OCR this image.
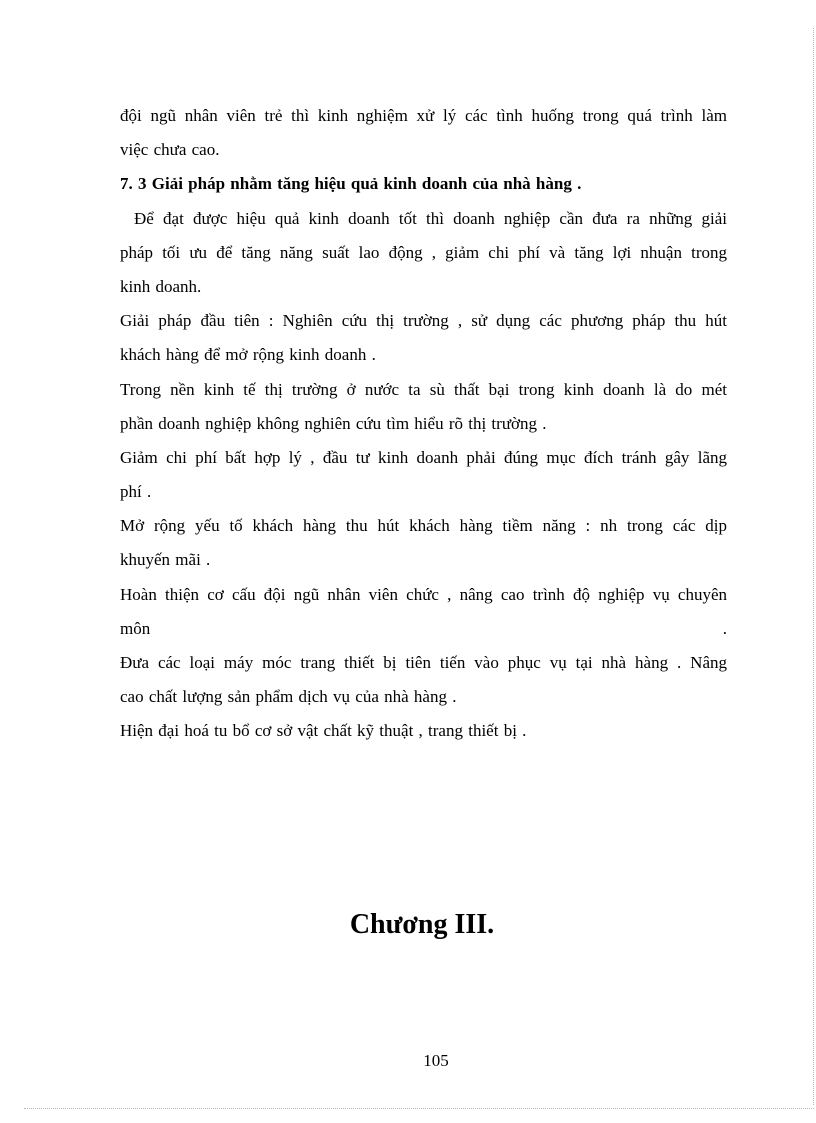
đội ngũ nhân viên trẻ thì kinh nghiệm xử lý các tình huống trong quá trình làm
việc chưa cao.
7. 3 Giải pháp nhằm tăng hiệu quả kinh doanh của nhà hàng .
Để đạt được hiệu quả kinh doanh tốt thì doanh nghiệp cần đưa ra những giải
pháp tối ưu để tăng năng suất lao động , giảm chi phí và tăng lợi nhuận trong
kinh doanh.
Giải pháp đầu tiên : Nghiên cứu thị trường , sử dụng các phương pháp thu hút
khách hàng để mở rộng kinh doanh .
Trong nền kinh tế thị trường ở nước ta sù thất bại trong kinh doanh là do mét
phần doanh nghiệp không nghiên cứu tìm hiểu rõ thị trường .
Giảm chi phí bất hợp lý , đầu tư kinh doanh phải đúng mục đích tránh gây lãng
phí .
Mở rộng yếu tố khách hàng thu hút khách hàng tiềm năng : nh trong các dịp
khuyến mãi .
Hoàn thiện cơ cấu đội ngũ nhân viên chức , nâng cao trình độ nghiệp vụ chuyên
môn	.
Đưa các loại máy móc trang thiết bị tiên tiến vào phục vụ tại nhà hàng . Nâng
cao chất lượng sản phẩm dịch vụ của nhà hàng .
Hiện đại hoá tu bổ cơ sở vật chất kỹ thuật , trang thiết bị .
Chương III.
105
